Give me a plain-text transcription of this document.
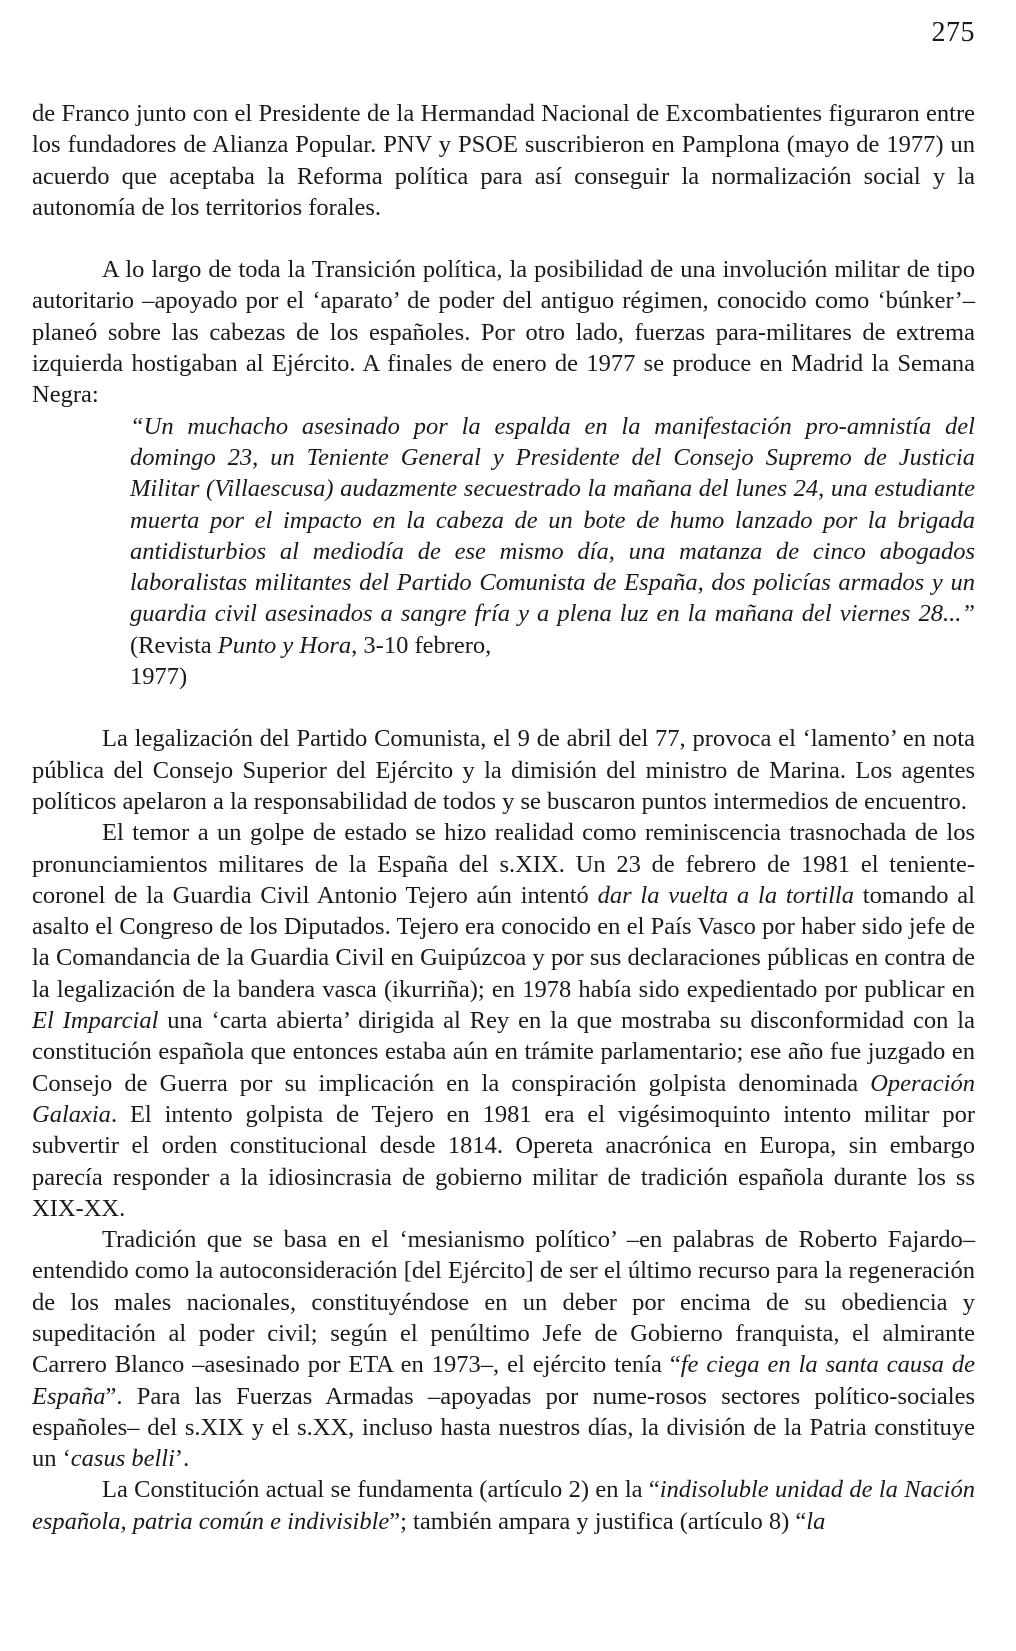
275

de Franco junto con el Presidente de la Hermandad Nacional de Excombatientes figuraron entre los fundadores de Alianza Popular. PNV y PSOE suscribieron en Pamplona (mayo de 1977) un acuerdo que aceptaba la Reforma política para así conseguir la normalización social y la autonomía de los territorios forales.

A lo largo de toda la Transición política, la posibilidad de una involución militar de tipo autoritario –apoyado por el ‘aparato’ de poder del antiguo régimen, conocido como ‘búnker’– planeó sobre las cabezas de los españoles. Por otro lado, fuerzas para-militares de extrema izquierda hostigaban al Ejército. A finales de enero de 1977 se produce en Madrid la Semana Negra:

“Un muchacho asesinado por la espalda en la manifestación pro-amnistía del domingo 23, un Teniente General y Presidente del Consejo Supremo de Justicia Militar (Villaescusa) audazmente secuestrado la mañana del lunes 24, una estudiante muerta por el impacto en la cabeza de un bote de humo lanzado por la brigada antidisturbios al mediodía de ese mismo día, una matanza de cinco abogados laboralistas militantes del Partido Comunista de España, dos policías armados y un guardia civil asesinados a sangre fría y a plena luz en la mañana del viernes 28...” (Revista Punto y Hora, 3-10 febrero,

1977)

La legalización del Partido Comunista, el 9 de abril del 77, provoca el ‘lamento’ en nota pública del Consejo Superior del Ejército y la dimisión del ministro de Marina. Los agentes políticos apelaron a la responsabilidad de todos y se buscaron puntos intermedios de encuentro.

El temor a un golpe de estado se hizo realidad como reminiscencia trasnochada de los pronunciamientos militares de la España del s.XIX. Un 23 de febrero de 1981 el teniente-coronel de la Guardia Civil Antonio Tejero aún intentó dar la vuelta a la tortilla tomando al asalto el Congreso de los Diputados. Tejero era conocido en el País Vasco por haber sido jefe de la Comandancia de la Guardia Civil en Guipúzcoa y por sus declaraciones públicas en contra de la legalización de la bandera vasca (ikurriña); en 1978 había sido expedientado por publicar en El Imparcial una ‘carta abierta’ dirigida al Rey en la que mostraba su disconformidad con la constitución española que entonces estaba aún en trámite parlamentario; ese año fue juzgado en Consejo de Guerra por su implicación en la conspiración golpista denominada Operación Galaxia. El intento golpista de Tejero en 1981 era el vigésimoquinto intento militar por subvertir el orden constitucional desde 1814. Opereta anacrónica en Europa, sin embargo parecía responder a la idiosincrasia de gobierno militar de tradición española durante los ss XIX-XX.

Tradición que se basa en el ‘mesianismo político’ –en palabras de Roberto Fajardo–entendido como la autoconsideración [del Ejército] de ser el último recurso para la regeneración de los males nacionales, constituyéndose en un deber por encima de su obediencia y supeditación al poder civil; según el penúltimo Jefe de Gobierno franquista, el almirante Carrero Blanco –asesinado por ETA en 1973–, el ejército tenía “fe ciega en la santa causa de España”. Para las Fuerzas Armadas –apoyadas por nume-rosos sectores político-sociales españoles– del s.XIX y el s.XX, incluso hasta nuestros días, la división de la Patria constituye un ‘casus belli’.

La Constitución actual se fundamenta (artículo 2) en la “indisoluble unidad de la Nación española, patria común e indivisible”; también ampara y justifica (artículo 8) “la
